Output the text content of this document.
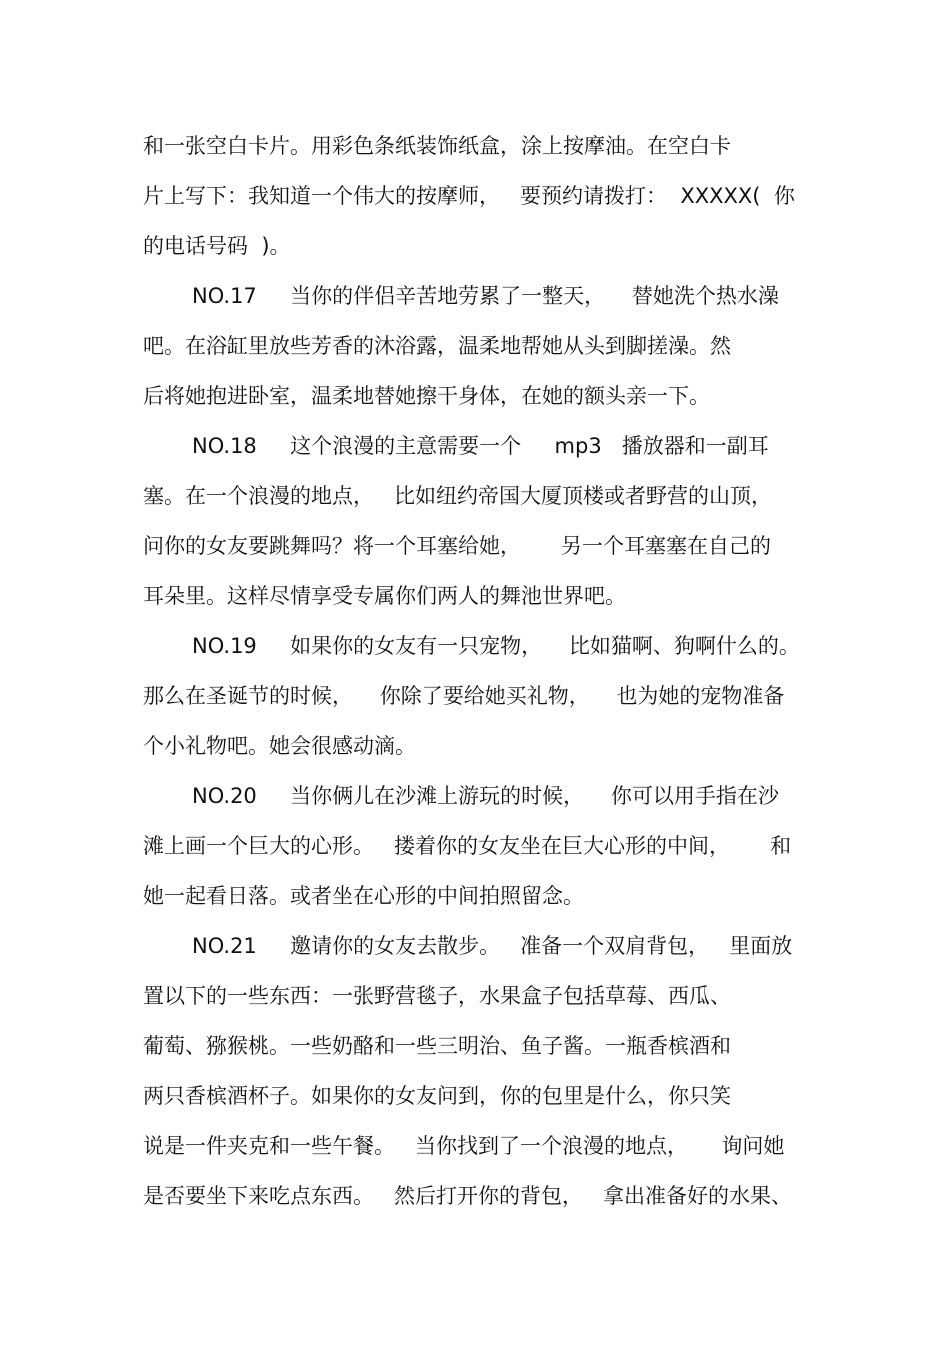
和一张空白卡片。用彩色条纸装饰纸盒，涂上按摩油。在空白卡
片上写下：我知道一个伟大的按摩师，   要预约请拨打：  XXXXX(  你
的电话号码  )。
NO.17     当你的伴侣辛苦地劳累了一整天，    替她洗个热水澡
吧。在浴缸里放些芳香的沐浴露，温柔地帮她从头到脚搓澡。然
后将她抱进卧室，温柔地替她擦干身体，在她的额头亲一下。
NO.18     这个浪漫的主意需要一个     mp3   播放器和一副耳
塞。在一个浪漫的地点，   比如纽约帝国大厦顶楼或者野营的山顶，
问你的女友要跳舞吗？将一个耳塞给她，      另一个耳塞塞在自己的
耳朵里。这样尽情享受专属你们两人的舞池世界吧。
NO.19     如果你的女友有一只宠物，    比如猫啊、狗啊什么的。
那么在圣诞节的时候，    你除了要给她买礼物，    也为她的宠物准备
个小礼物吧。她会很感动滴。
NO.20     当你俩儿在沙滩上游玩的时候，    你可以用手指在沙
滩上画一个巨大的心形。   搂着你的女友坐在巨大心形的中间，      和
她一起看日落。或者坐在心形的中间拍照留念。
NO.21     邀请你的女友去散步。   准备一个双肩背包，   里面放
置以下的一些东西：一张野营毯子，水果盒子包括草莓、西瓜、
葡萄、猕猴桃。一些奶酪和一些三明治、鱼子酱。一瓶香槟酒和
两只香槟酒杯子。如果你的女友问到，你的包里是什么，你只笑
说是一件夹克和一些午餐。   当你找到了一个浪漫的地点，     询问她
是否要坐下来吃点东西。   然后打开你的背包，   拿出准备好的水果、
